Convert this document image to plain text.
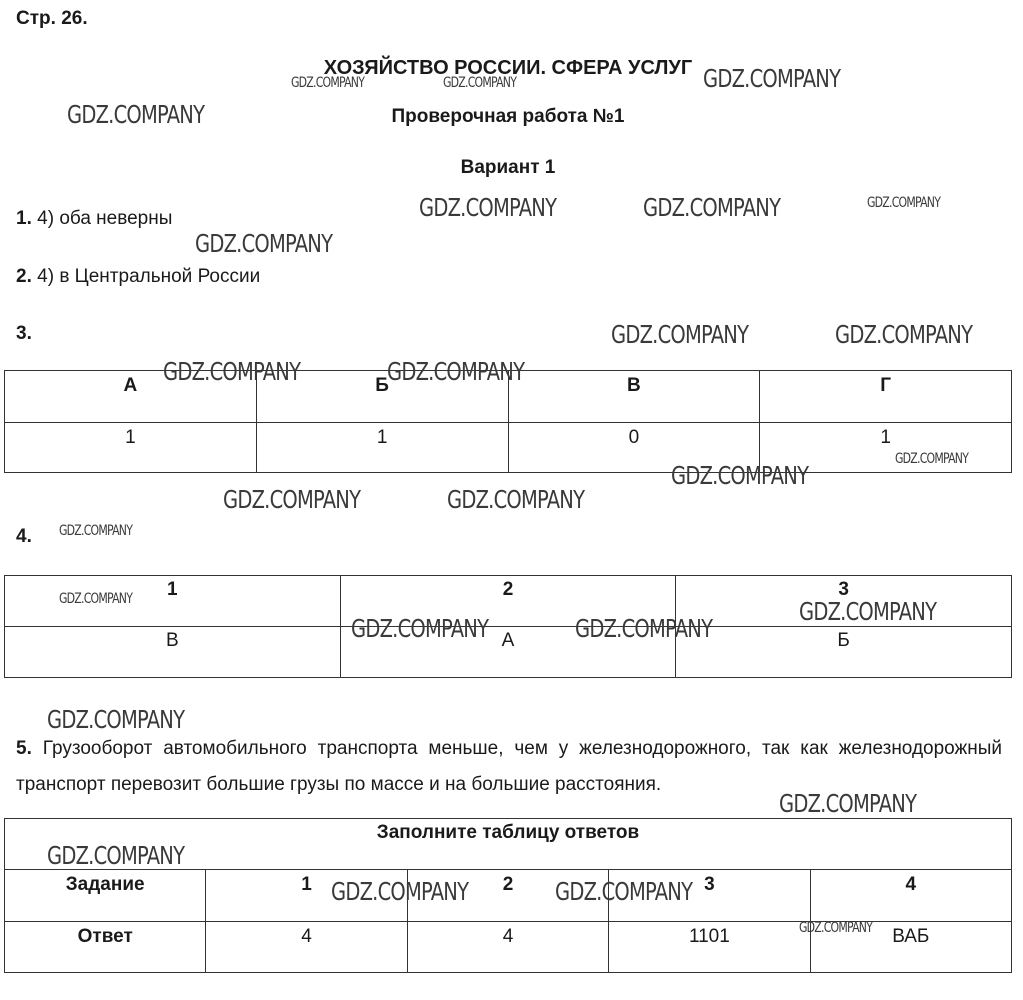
Стр. 26.
ХОЗЯЙСТВО РОССИИ. СФЕРА УСЛУГ
Проверочная работа №1
Вариант 1
1. 4) оба неверны
2. 4) в Центральной России
3.
А	Б	В	Г
1	1	0	1
4.
1	2	3
В	А	Б
5. Грузооборот автомобильного транспорта меньше, чем у железнодорожного, так как железнодорожный транспорт перевозит большие грузы по массе и на большие расстояния.
Заполните таблицу ответов				
Задание	1	2	3	4
Ответ	4	4	1101	ВАБ
GDZ.COMPANY
GDZ.COMPANY	GDZ.COMPANY
GDZ.COMPANY
GDZ.COMPANY	GDZ.COMPANY	GDZ.COMPANY
GDZ.COMPANY
GDZ.COMPANY	GDZ.COMPANY
GDZ.COMPANY	GDZ.COMPANY
GDZ.COMPANY
GDZ.COMPANY
GDZ.COMPANY	GDZ.COMPANY
GDZ.COMPANY
GDZ.COMPANY	GDZ.COMPANY
GDZ.COMPANY	GDZ.COMPANY
GDZ.COMPANY
GDZ.COMPANY
GDZ.COMPANY
GDZ.COMPANY	GDZ.COMPANY
GDZ.COMPANY
